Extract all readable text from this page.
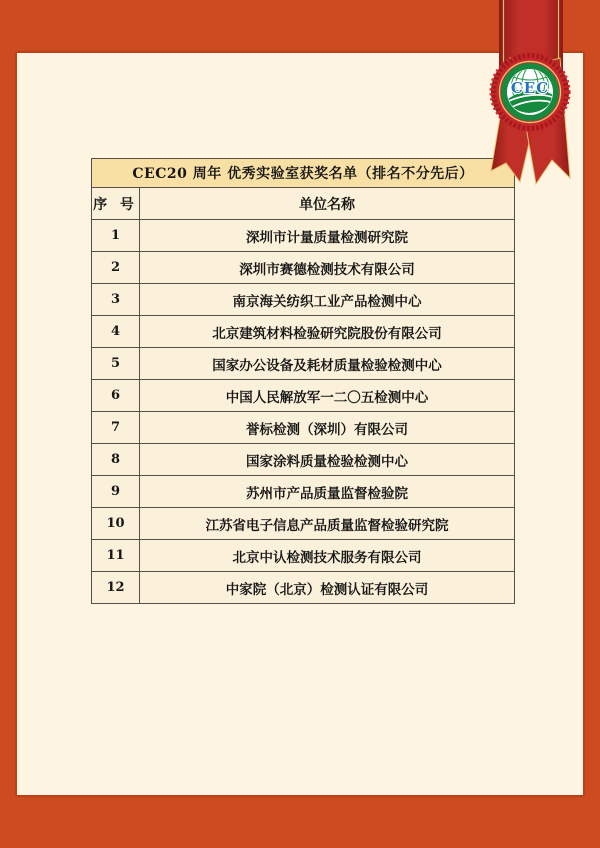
CEC20 周年 优秀实验室获奖名单（排名不分先后）	
序 号	单位名称
1	深圳市计量质量检测研究院
2	深圳市赛德检测技术有限公司
3	南京海关纺织工业产品检测中心
4	北京建筑材料检验研究院股份有限公司
5	国家办公设备及耗材质量检验检测中心
6	中国人民解放军一二〇五检测中心
7	誉标检测（深圳）有限公司
8	国家涂料质量检验检测中心
9	苏州市产品质量监督检验院
10	江苏省电子信息产品质量监督检验研究院
11	北京中认检测技术服务有限公司
12	中家院（北京）检测认证有限公司
CEC
